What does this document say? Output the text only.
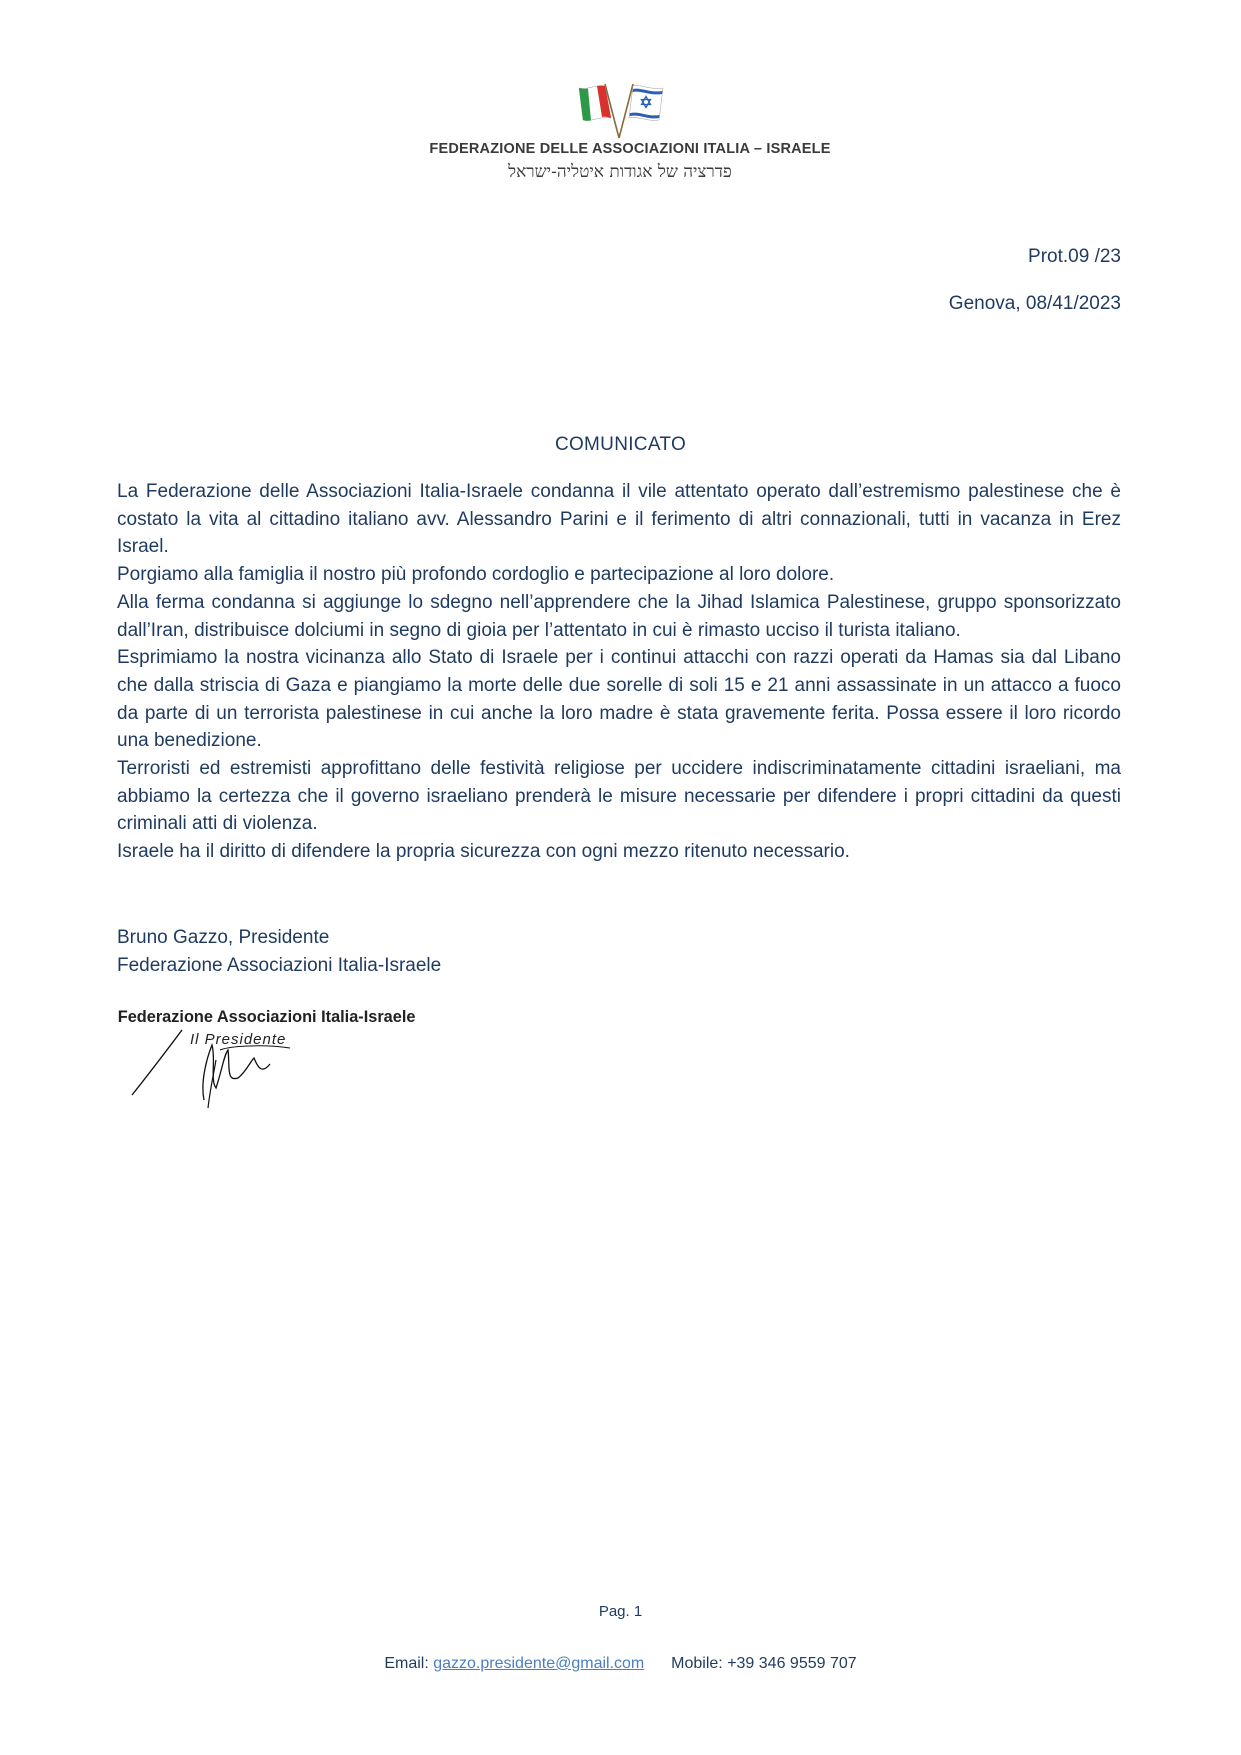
FEDERAZIONE DELLE ASSOCIAZIONI ITALIA – ISRAELE
פדרציה של אגודות איטליה-ישראל
Prot.09 /23
Genova, 08/41/2023
COMUNICATO

La Federazione delle Associazioni Italia-Israele condanna il vile attentato operato dall’estremismo palestinese che è costato la vita al cittadino italiano avv. Alessandro Parini e il ferimento di altri connazionali, tutti in vacanza in Erez Israel.

Porgiamo alla famiglia il nostro più profondo cordoglio e partecipazione al loro dolore.

Alla ferma condanna si aggiunge lo sdegno nell’apprendere che la Jihad Islamica Palestinese, gruppo sponsorizzato dall’Iran, distribuisce dolciumi in segno di gioia per l’attentato in cui è rimasto ucciso il turista italiano.

Esprimiamo la nostra vicinanza allo Stato di Israele per i continui attacchi con razzi operati da Hamas sia dal Libano che dalla striscia di Gaza e piangiamo la morte delle due sorelle di soli 15 e 21 anni assassinate in un attacco a fuoco da parte di un terrorista palestinese in cui anche la loro madre è stata gravemente ferita. Possa essere il loro ricordo una benedizione.

Terroristi ed estremisti approfittano delle festività religiose per uccidere indiscriminatamente cittadini israeliani, ma abbiamo la certezza che il governo israeliano prenderà le misure necessarie per difendere i propri cittadini da questi criminali atti di violenza.

Israele ha il diritto di difendere la propria sicurezza con ogni mezzo ritenuto necessario.

Bruno Gazzo, Presidente
Federazione Associazioni Italia-Israele
Federazione Associazioni Italia-Israele
Il Presidente
Pag. 1
Email: gazzo.presidente@gmail.com Mobile: +39 346 9559 707
